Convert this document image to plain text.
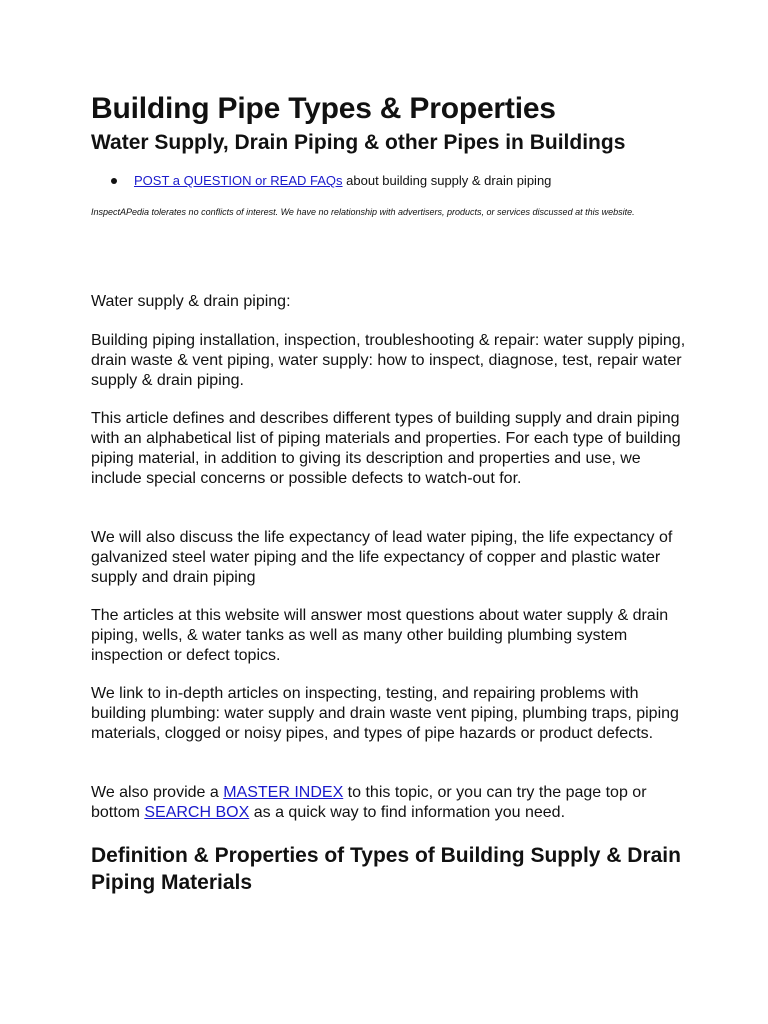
Building Pipe Types & Properties
Water Supply, Drain Piping & other Pipes in Buildings
POST a QUESTION or READ FAQs about building supply & drain piping
InspectAPedia tolerates no conflicts of interest. We have no relationship with advertisers, products, or services discussed at this website.

Water supply & drain piping:

Building piping installation, inspection, troubleshooting & repair: water supply piping, drain waste & vent piping, water supply: how to inspect, diagnose, test, repair water supply & drain piping.

This article defines and describes different types of building supply and drain piping with an alphabetical list of piping materials and properties. For each type of building piping material, in addition to giving its description and properties and use, we include special concerns or possible defects to watch-out for.

We will also discuss the life expectancy of lead water piping, the life expectancy of galvanized steel water piping and the life expectancy of copper and plastic water supply and drain piping

The articles at this website will answer most questions about water supply & drain piping, wells, & water tanks as well as many other building plumbing system inspection or defect topics.

We link to in-depth articles on inspecting, testing, and repairing problems with building plumbing: water supply and drain waste vent piping, plumbing traps, piping materials, clogged or noisy pipes, and types of pipe hazards or product defects.

We also provide a MASTER INDEX to this topic, or you can try the page top or bottom SEARCH BOX as a quick way to find information you need.

Definition & Properties of Types of Building Supply & Drain Piping Materials
